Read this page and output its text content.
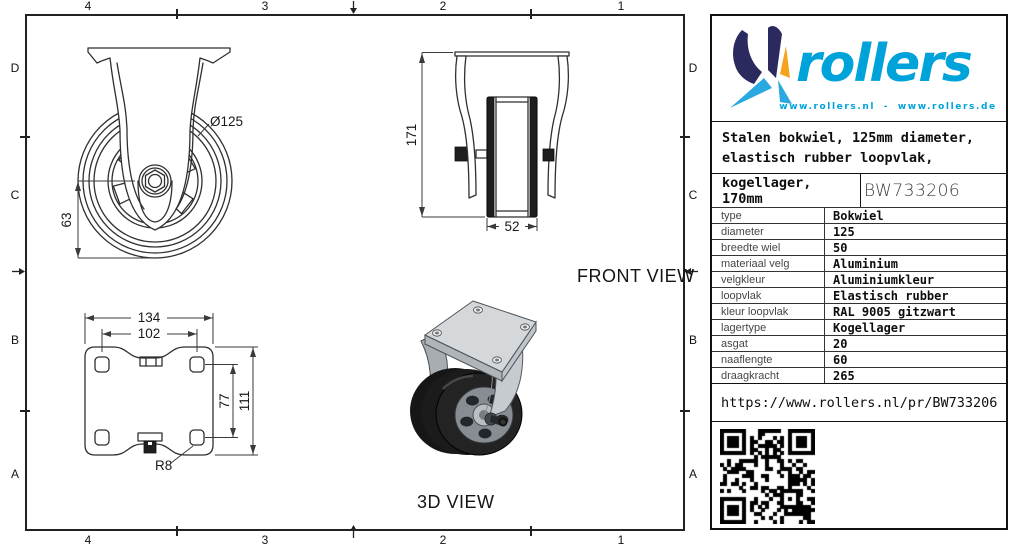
4	3	2	1
4	3	2	1
D
C
B
A
D
C
B
A
63
Ø125
171
52
134
102
77 111
R8
FRONT VIEW
3D VIEW
rollers
www.rollers.nl - www.rollers.de
Stalen bokwiel, 125mm diameter,
elastisch rubber loopvlak,
kogellager, 170mm	BW733206
type	Bokwiel
diameter	125
breedte wiel	50
materiaal velg	Aluminium
velgkleur	Aluminiumkleur
loopvlak	Elastisch rubber
kleur loopvlak	RAL 9005 gitzwart
lagertype	Kogellager
asgat	20
naaflengte	60
draagkracht	265
https://www.rollers.nl/pr/BW733206
